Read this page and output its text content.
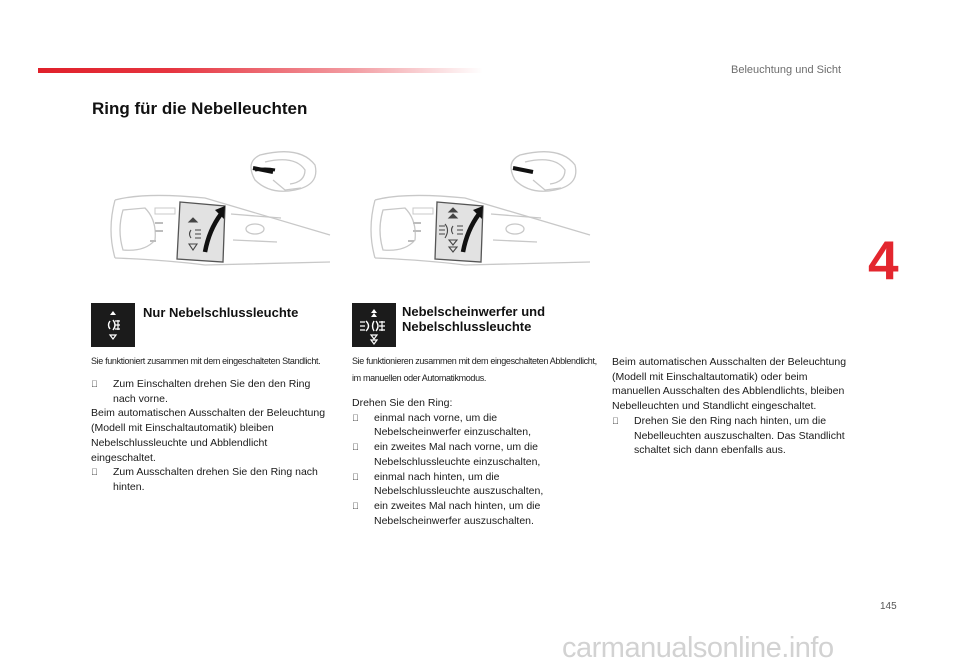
Beleuchtung und Sicht
Ring für die Nebelleuchten
4
Nur Nebelschlussleuchte
Sie funktioniert zusammen mit dem eingeschalteten Standlicht.

Zum Einschalten drehen Sie den den Ring nach vorne.

Beim automatischen Ausschalten der Beleuchtung (Modell mit Einschaltautomatik) bleiben Nebelschlussleuchte und Abblendlicht eingeschaltet.

Zum Ausschalten drehen Sie den Ring nach hinten.

Nebelscheinwerfer und Nebelschlussleuchte
Sie funktionieren zusammen mit dem eingeschalteten Abblendlicht, im manuellen oder Automatikmodus.

Drehen Sie den Ring:

einmal nach vorne, um die Nebelscheinwerfer einzuschalten,

ein zweites Mal nach vorne, um die Nebelschlussleuchte einzuschalten,

einmal nach hinten, um die Nebelschlussleuchte auszuschalten,

ein zweites Mal nach hinten, um die Nebelscheinwerfer auszuschalten.

Beim automatischen Ausschalten der Beleuchtung (Modell mit Einschaltautomatik) oder beim manuellen Ausschalten des Abblendlichts, bleiben Nebelleuchten und Standlicht eingeschaltet.

Drehen Sie den Ring nach hinten, um die Nebelleuchten auszuschalten. Das Standlicht schaltet sich dann ebenfalls aus.

145
carmanualsonline.info
